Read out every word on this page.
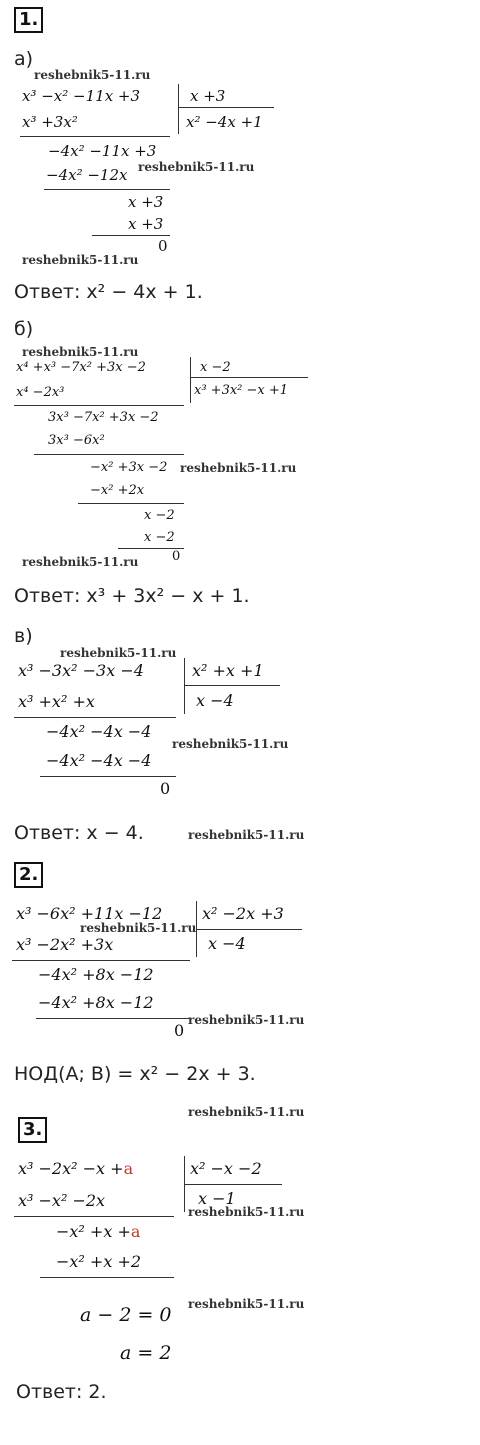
1.
а)
reshebnik5-11.ru
x³ −x² −11x +3	x +3
x² −4x +1
x³ +3x²
−4x² −11x +3
−4x² −12x reshebnik5-11.ru
x +3
x +3
0
reshebnik5-11.ru
Ответ: x² − 4x + 1.
б)
reshebnik5-11.ru
x⁴ +x³ −7x² +3x −2	x −2
x³ +3x² −x +1
x⁴ −2x³
3x³ −7x² +3x −2
3x³ −6x²
−x² +3x −2 reshebnik5-11.ru
−x² +2x
x −2
x −2
0
reshebnik5-11.ru
Ответ: x³ + 3x² − x + 1.
в)
reshebnik5-11.ru
x³ −3x² −3x −4	x² +x +1
x −4
x³ +x² +x
−4x² −4x −4
reshebnik5-11.ru
−4x² −4x −4
0
Ответ: x − 4.	reshebnik5-11.ru
2.
x³ −6x² +11x −12 x² −2x +3
x −4
reshebnik5-11.ru
x³ −2x² +3x
−4x² +8x −12
−4x² +8x −12
0
reshebnik5-11.ru
НОД(A; B) = x² − 2x + 3.
3.
reshebnik5-11.ru
x³ −2x² −x +a	x² −x −2
x −1
x³ −x² −2x
reshebnik5-11.ru
−x² +x +a
−x² +x +2
a − 2 = 0 reshebnik5-11.ru
a = 2
Ответ: 2.
